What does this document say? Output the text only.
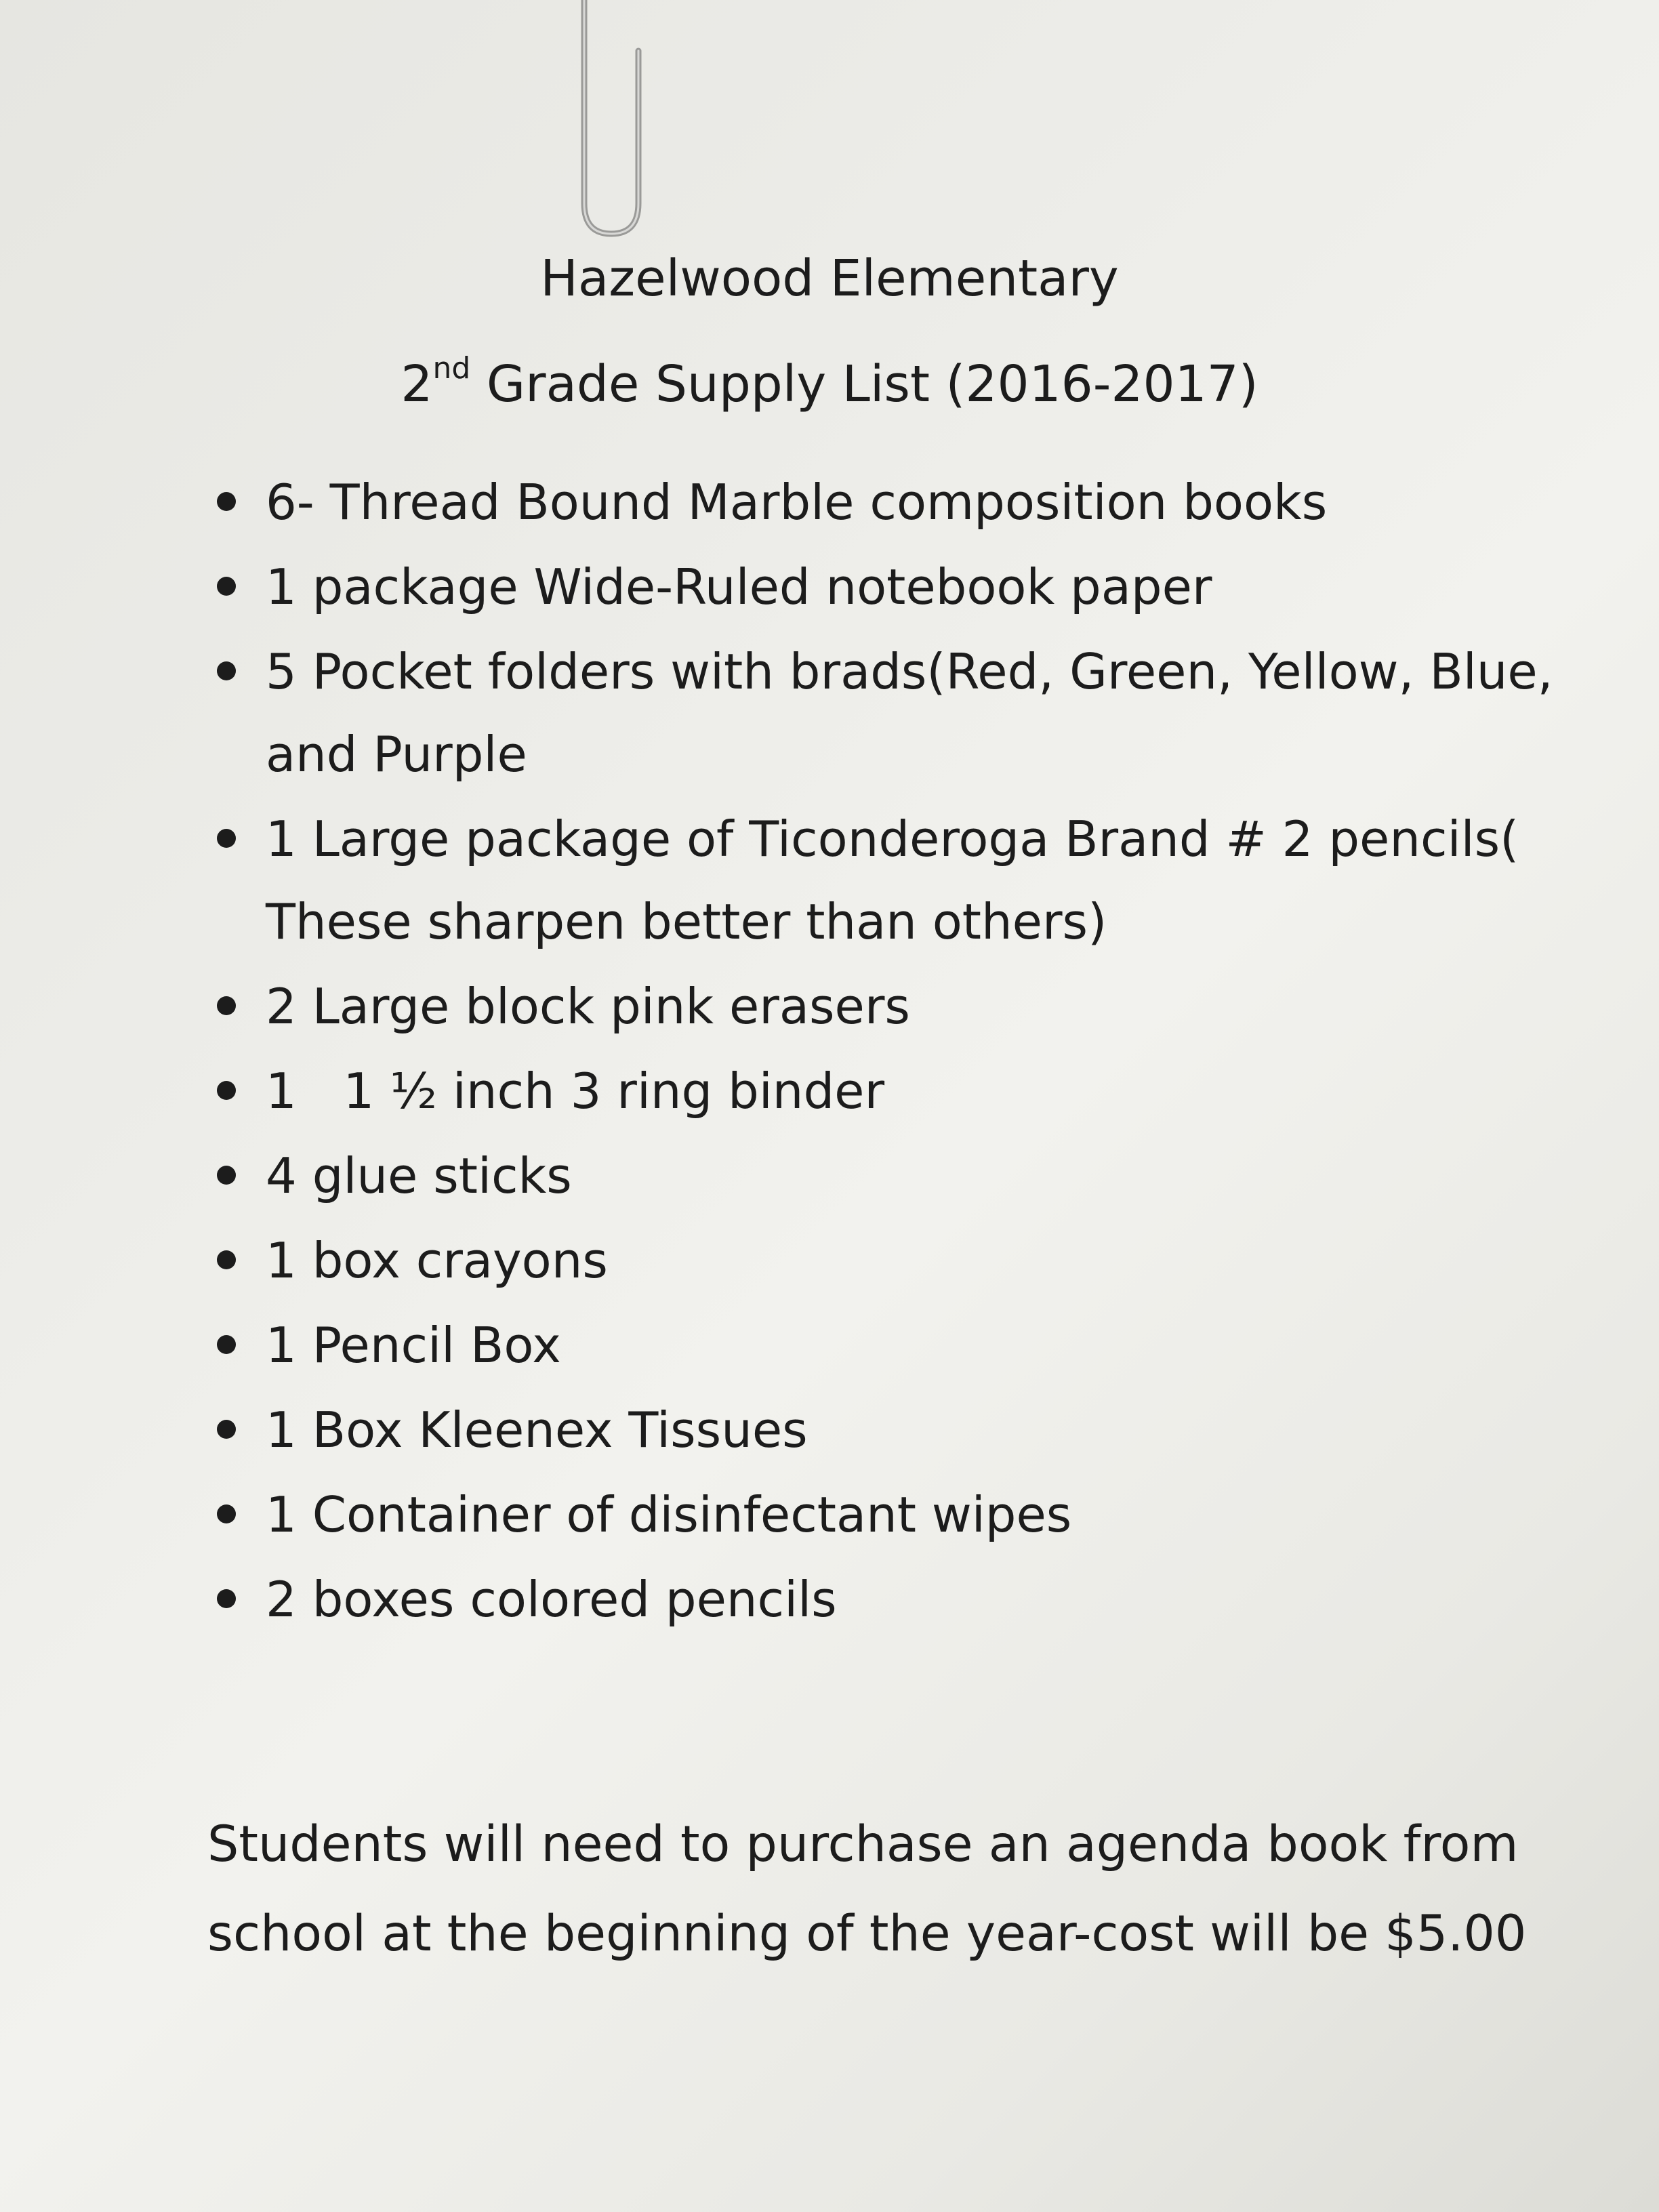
Hazelwood Elementary
2nd Grade Supply List (2016-2017)
6- Thread Bound Marble composition books
1 package Wide-Ruled notebook paper
5 Pocket folders with brads(Red, Green, Yellow, Blue,
and Purple
1 Large package of Ticonderoga Brand # 2 pencils(
These sharpen better than others)
2 Large block pink erasers
1   1 ½ inch 3 ring binder
4 glue sticks
1 box crayons
1 Pencil Box
1 Box Kleenex Tissues
1 Container of disinfectant wipes
2 boxes colored pencils
Students will need to purchase an agenda book from
school at the beginning of the year-cost will be $5.00
